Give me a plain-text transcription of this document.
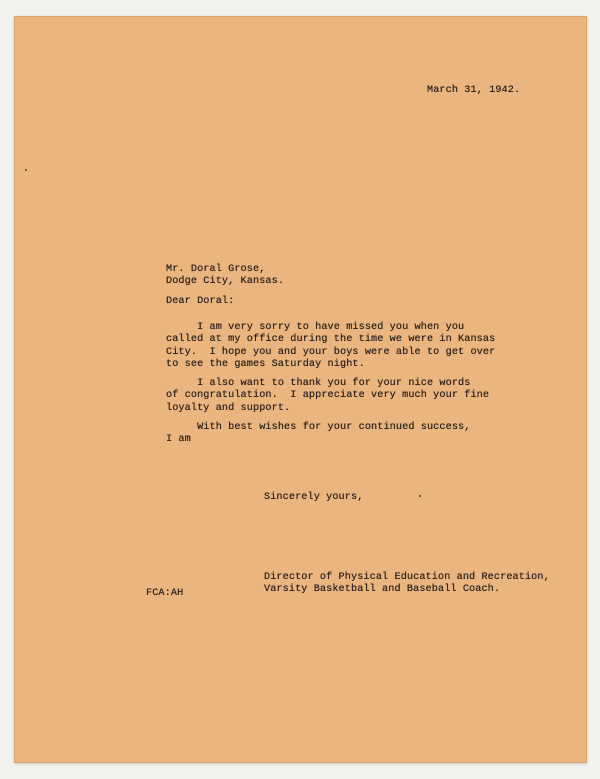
March 31, 1942.
Mr. Doral Grose,
Dodge City, Kansas.
Dear Doral:
I am very sorry to have missed you when you
called at my office during the time we were in Kansas
City.  I hope you and your boys were able to get over
to see the games Saturday night.
I also want to thank you for your nice words
of congratulation.  I appreciate very much your fine
loyalty and support.
With best wishes for your continued success,
I am
Sincerely yours,
Director of Physical Education and Recreation,
Varsity Basketball and Baseball Coach.
FCA:AH
